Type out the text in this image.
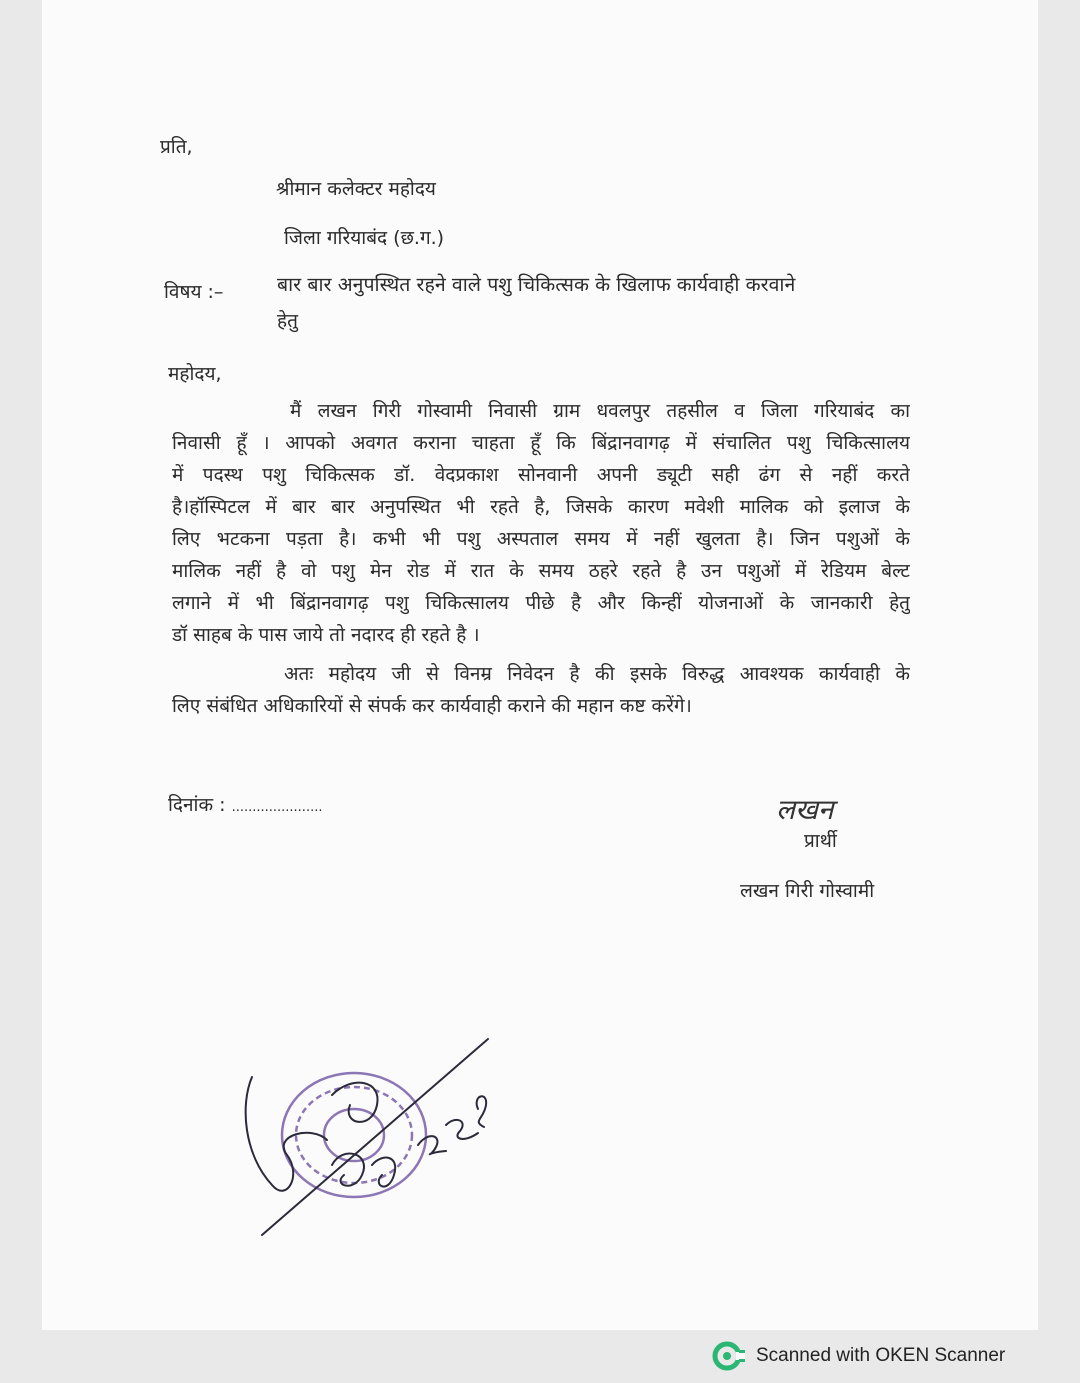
प्रति,
श्रीमान कलेक्टर महोदय
जिला गरियाबंद (छ.ग.)
विषय :–	बार बार अनुपस्थित रहने वाले पशु चिकित्सक के खिलाफ कार्यवाही करवाने
हेतु
महोदय,
मैं लखन गिरी गोस्वामी निवासी ग्राम धवलपुर तहसील व जिला गरियाबंद का
निवासी हूँ । आपको अवगत कराना चाहता हूँ कि बिंद्रानवागढ़ में संचालित पशु चिकित्सालय
में पदस्थ पशु चिकित्सक डॉ. वेदप्रकाश सोनवानी अपनी ड्यूटी सही ढंग से नहीं करते
है।हॉस्पिटल में बार बार अनुपस्थित भी रहते है, जिसके कारण मवेशी मालिक को इलाज के
लिए भटकना पड़ता है। कभी भी पशु अस्पताल समय में नहीं खुलता है। जिन पशुओं के
मालिक नहीं है वो पशु मेन रोड में रात के समय ठहरे रहते है उन पशुओं में रेडियम बेल्ट
लगाने में भी बिंद्रानवागढ़ पशु चिकित्सालय पीछे है और किन्हीं योजनाओं के जानकारी हेतु
डॉ साहब के पास जाये तो नदारद ही रहते है ।
अतः महोदय जी से विनम्र निवेदन है की इसके विरुद्ध आवश्यक कार्यवाही के
लिए संबंधित अधिकारियों से संपर्क कर कार्यवाही कराने की महान कष्ट करेंगे।
दिनांक : ......................	लखन
प्रार्थी
लखन गिरी गोस्वामी
Scanned with OKEN Scanner
